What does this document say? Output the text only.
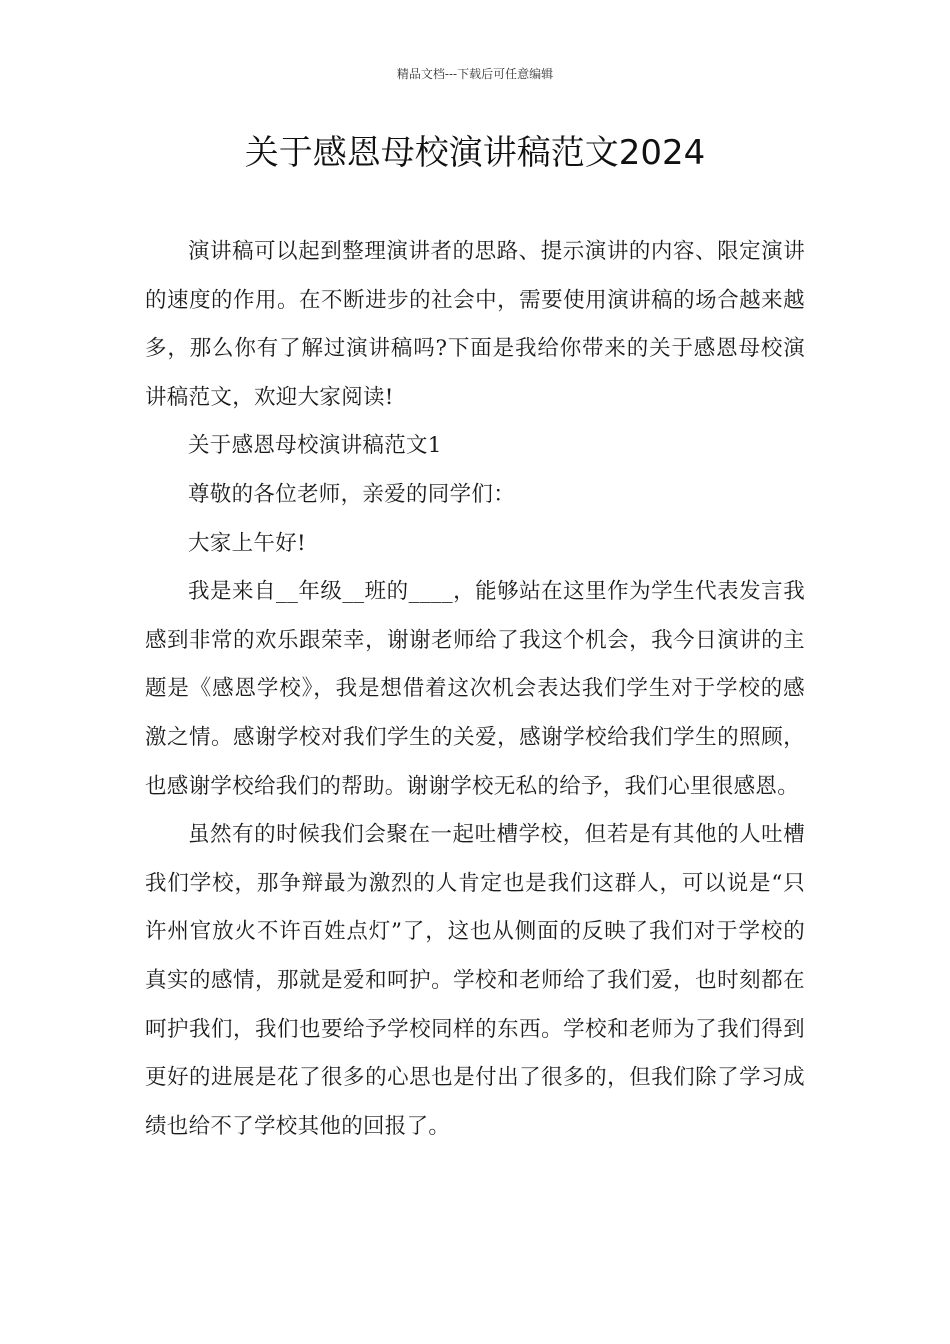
精品文档---下载后可任意编辑
关于感恩母校演讲稿范文2024

演讲稿可以起到整理演讲者的思路、提示演讲的内容、限定演讲的速度的作用。在不断进步的社会中，需要使用演讲稿的场合越来越多，那么你有了解过演讲稿吗?下面是我给你带来的关于感恩母校演讲稿范文，欢迎大家阅读!

关于感恩母校演讲稿范文1

尊敬的各位老师，亲爱的同学们：

大家上午好!

我是来自__年级__班的____，能够站在这里作为学生代表发言我感到非常的欢乐跟荣幸，谢谢老师给了我这个机会，我今日演讲的主题是《感恩学校》，我是想借着这次机会表达我们学生对于学校的感激之情。感谢学校对我们学生的关爱，感谢学校给我们学生的照顾，也感谢学校给我们的帮助。谢谢学校无私的给予，我们心里很感恩。

虽然有的时候我们会聚在一起吐槽学校，但若是有其他的人吐槽我们学校，那争辩最为激烈的人肯定也是我们这群人，可以说是“只许州官放火不许百姓点灯”了，这也从侧面的反映了我们对于学校的真实的感情，那就是爱和呵护。学校和老师给了我们爱，也时刻都在呵护我们，我们也要给予学校同样的东西。学校和老师为了我们得到更好的进展是花了很多的心思也是付出了很多的，但我们除了学习成绩也给不了学校其他的回报了。
